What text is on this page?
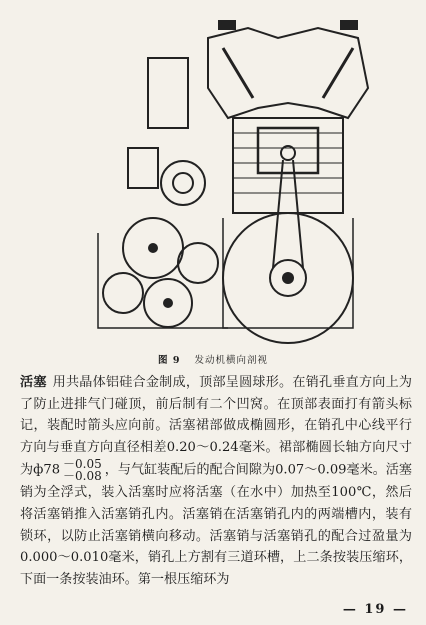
图 9 发动机横向剖视

活塞 用共晶体铝硅合金制成，顶部呈圆球形。在销孔垂直方向上为了防止进排气门碰顶，前后制有二个凹窝。在顶部表面打有箭头标记，装配时箭头应向前。活塞裙部做成椭圆形，在销孔中心线平行方向与垂直方向直径相差0.20～0.24毫米。裙部椭圆长轴方向尺寸为ф78 －0.05
－0.08 ，与气缸装配后的配合间隙为0.07～0.09毫米。活塞销为全浮式，装入活塞时应将活塞（在水中）加热至100℃，然后将活塞销推入活塞销孔内。活塞销在活塞销孔内的两端槽内，装有锁环，以防止活塞销横向移动。活塞销与活塞销孔的配合过盈量为0.000～0.010毫米，销孔上方割有三道环槽，上二条按装压缩环，下面一条按装油环。第一根压缩环为

— 19 —
